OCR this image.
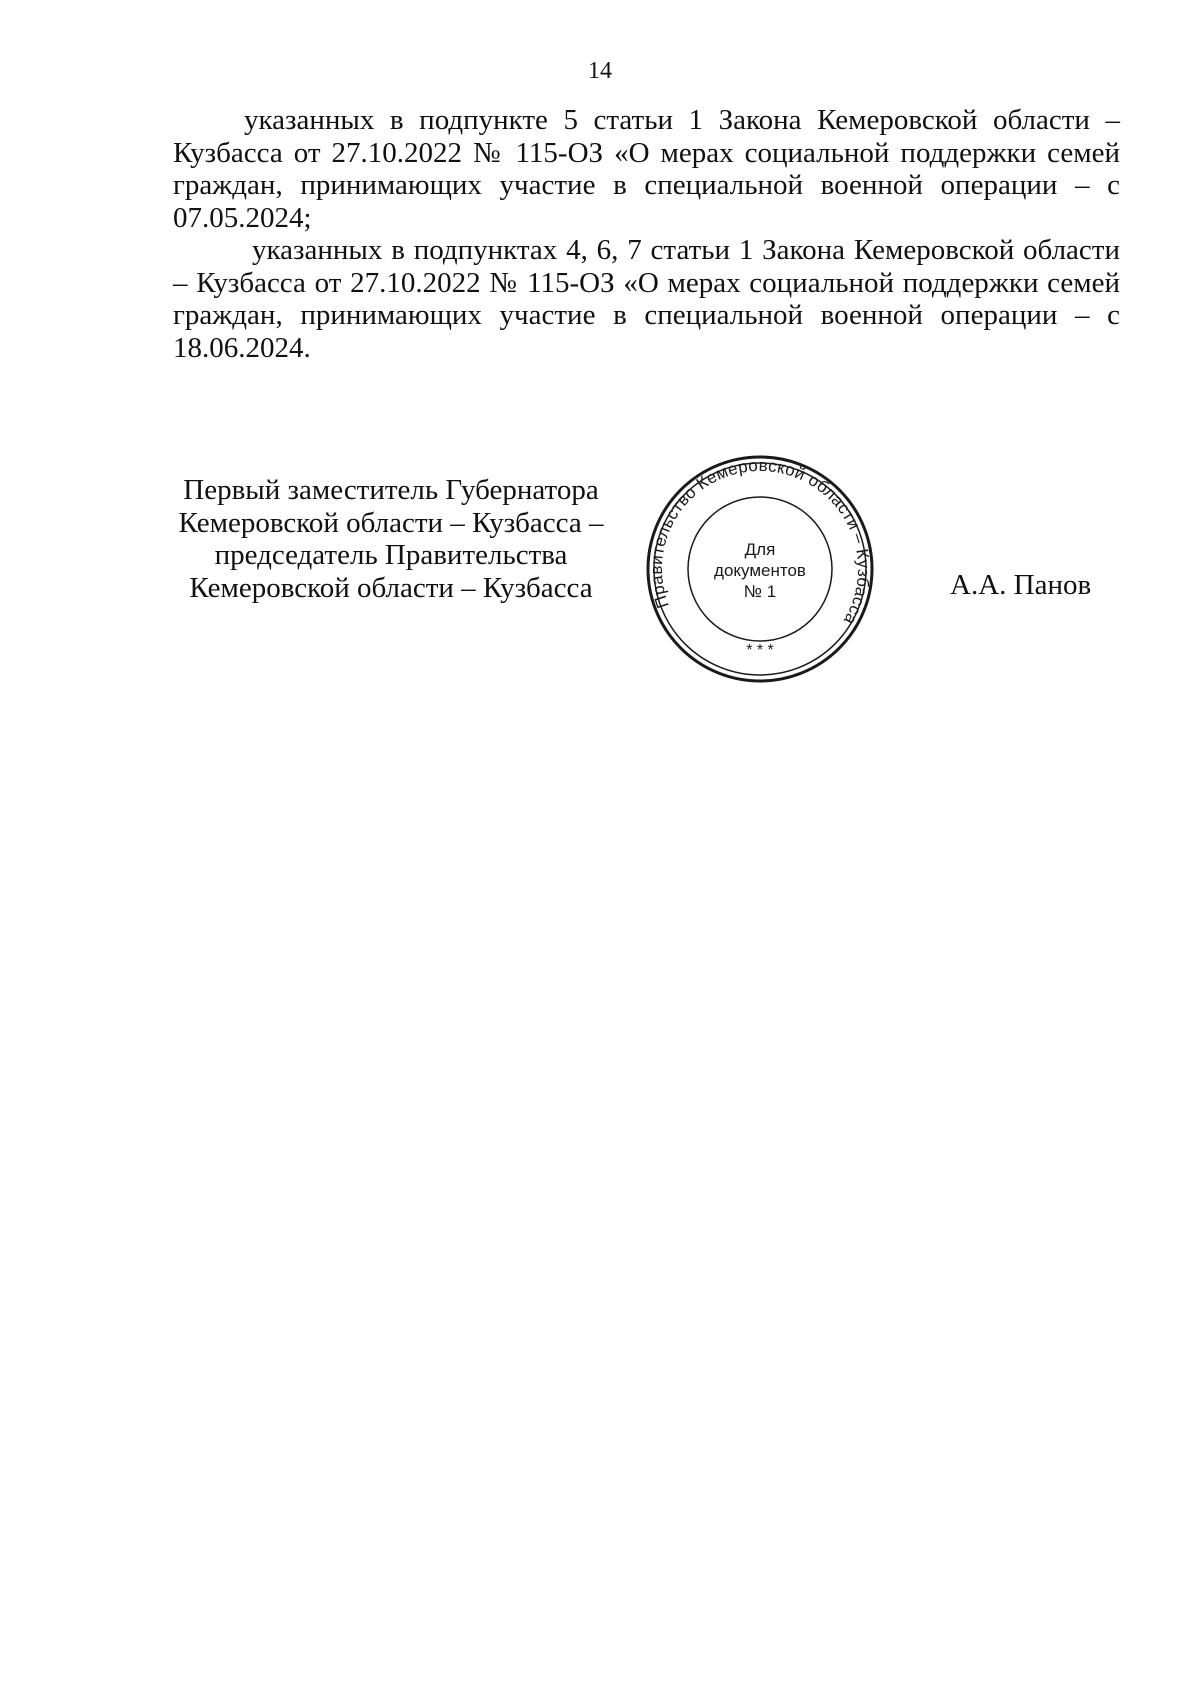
14

указанных в подпункте 5 статьи 1 Закона Кемеровской области – Кузбасса от 27.10.2022 № 115-ОЗ «О мерах социальной поддержки семей граждан, принимающих участие в специальной военной операции – с 07.05.2024;

указанных в подпунктах 4, 6, 7 статьи 1 Закона Кемеровской области – Кузбасса от 27.10.2022 № 115-ОЗ «О мерах социальной поддержки семей граждан, принимающих участие в специальной военной операции – с 18.06.2024.

Первый заместитель Губернатора
Кемеровской области – Кузбасса –
председатель Правительства
Кемеровской области – Кузбасса	Правительство Кемеровской области – Кузбасса
* * *
Для
документов
№ 1	А.А. Панов
